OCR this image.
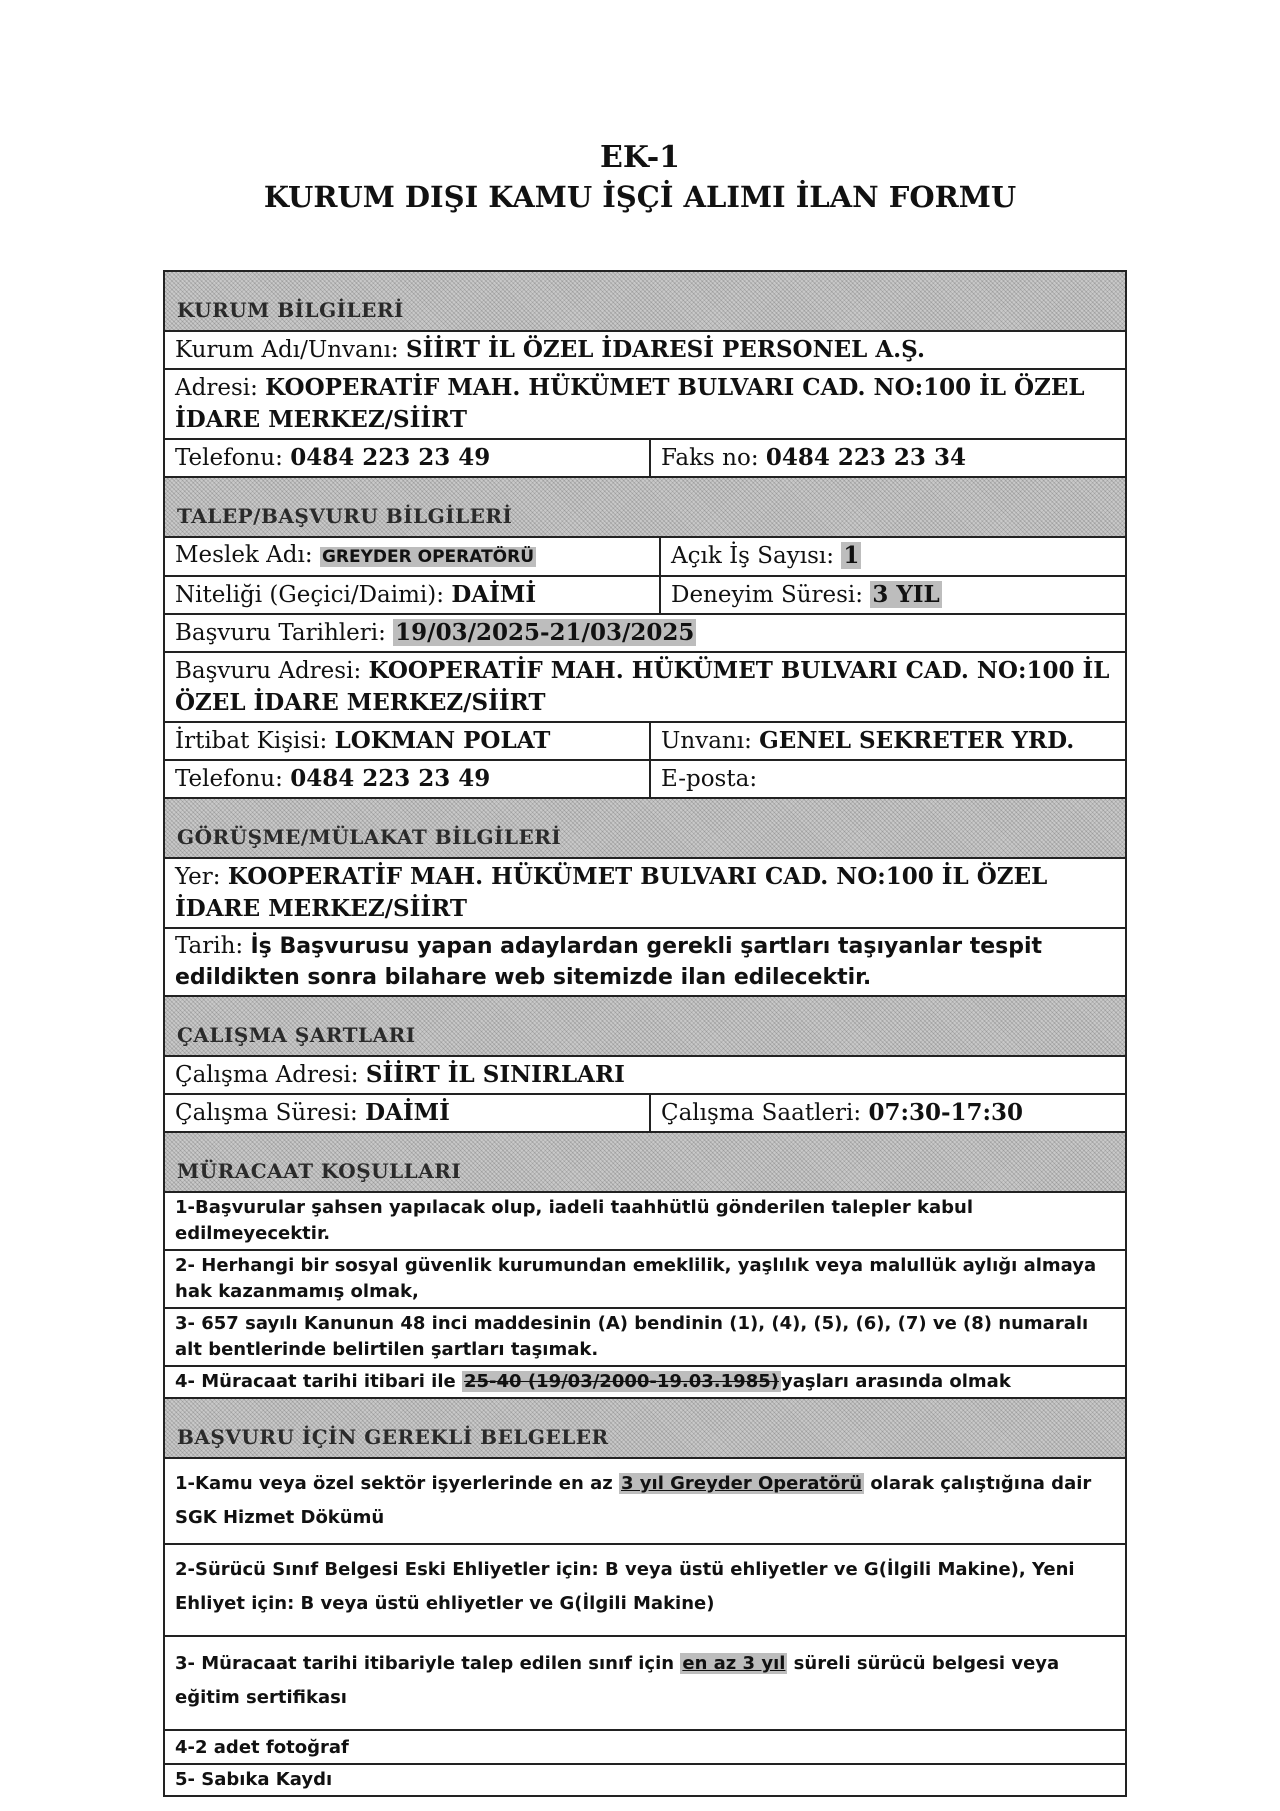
EK-1
KURUM DIŞI KAMU İŞÇİ ALIMI İLAN FORMU
KURUM BİLGİLERİ
Kurum Adı/Unvanı: SİİRT İL ÖZEL İDARESİ PERSONEL A.Ş.
Adresi: KOOPERATİF MAH. HÜKÜMET BULVARI CAD. NO:100 İL ÖZEL İDARE MERKEZ/SİİRT
Telefonu: 0484 223 23 49	Faks no: 0484 223 23 34
TALEP/BAŞVURU BİLGİLERİ
Meslek Adı: GREYDER OPERATÖRÜ	Açık İş Sayısı: 1
Niteliği (Geçici/Daimi): DAİMİ	Deneyim Süresi: 3 YIL
Başvuru Tarihleri: 19/03/2025-21/03/2025
Başvuru Adresi: KOOPERATİF MAH. HÜKÜMET BULVARI CAD. NO:100 İL ÖZEL İDARE MERKEZ/SİİRT
İrtibat Kişisi: LOKMAN POLAT	Unvanı: GENEL SEKRETER YRD.
Telefonu: 0484 223 23 49	E-posta:
GÖRÜŞME/MÜLAKAT BİLGİLERİ
Yer: KOOPERATİF MAH. HÜKÜMET BULVARI CAD. NO:100 İL ÖZEL İDARE MERKEZ/SİİRT
Tarih: İş Başvurusu yapan adaylardan gerekli şartları taşıyanlar tespit edildikten sonra bilahare web sitemizde ilan edilecektir.
ÇALIŞMA ŞARTLARI
Çalışma Adresi: SİİRT İL SINIRLARI
Çalışma Süresi: DAİMİ	Çalışma Saatleri: 07:30-17:30
MÜRACAAT KOŞULLARI
1-Başvurular şahsen yapılacak olup, iadeli taahhütlü gönderilen talepler kabul edilmeyecektir.
2- Herhangi bir sosyal güvenlik kurumundan emeklilik, yaşlılık veya malullük aylığı almaya hak kazanmamış olmak,
3- 657 sayılı Kanunun 48 inci maddesinin (A) bendinin (1), (4), (5), (6), (7) ve (8) numaralı alt bentlerinde belirtilen şartları taşımak.
4- Müracaat tarihi itibari ile 25-40 (19/03/2000-19.03.1985) yaşları arasında olmak
BAŞVURU İÇİN GEREKLİ BELGELER
1-Kamu veya özel sektör işyerlerinde en az 3 yıl Greyder Operatörü olarak çalıştığına dair SGK Hizmet Dökümü
2-Sürücü Sınıf Belgesi Eski Ehliyetler için: B veya üstü ehliyetler ve G(İlgili Makine), Yeni Ehliyet için: B veya üstü ehliyetler ve G(İlgili Makine)
3- Müracaat tarihi itibariyle talep edilen sınıf için en az 3 yıl süreli sürücü belgesi veya eğitim sertifikası
4-2 adet fotoğraf
5- Sabıka Kaydı
